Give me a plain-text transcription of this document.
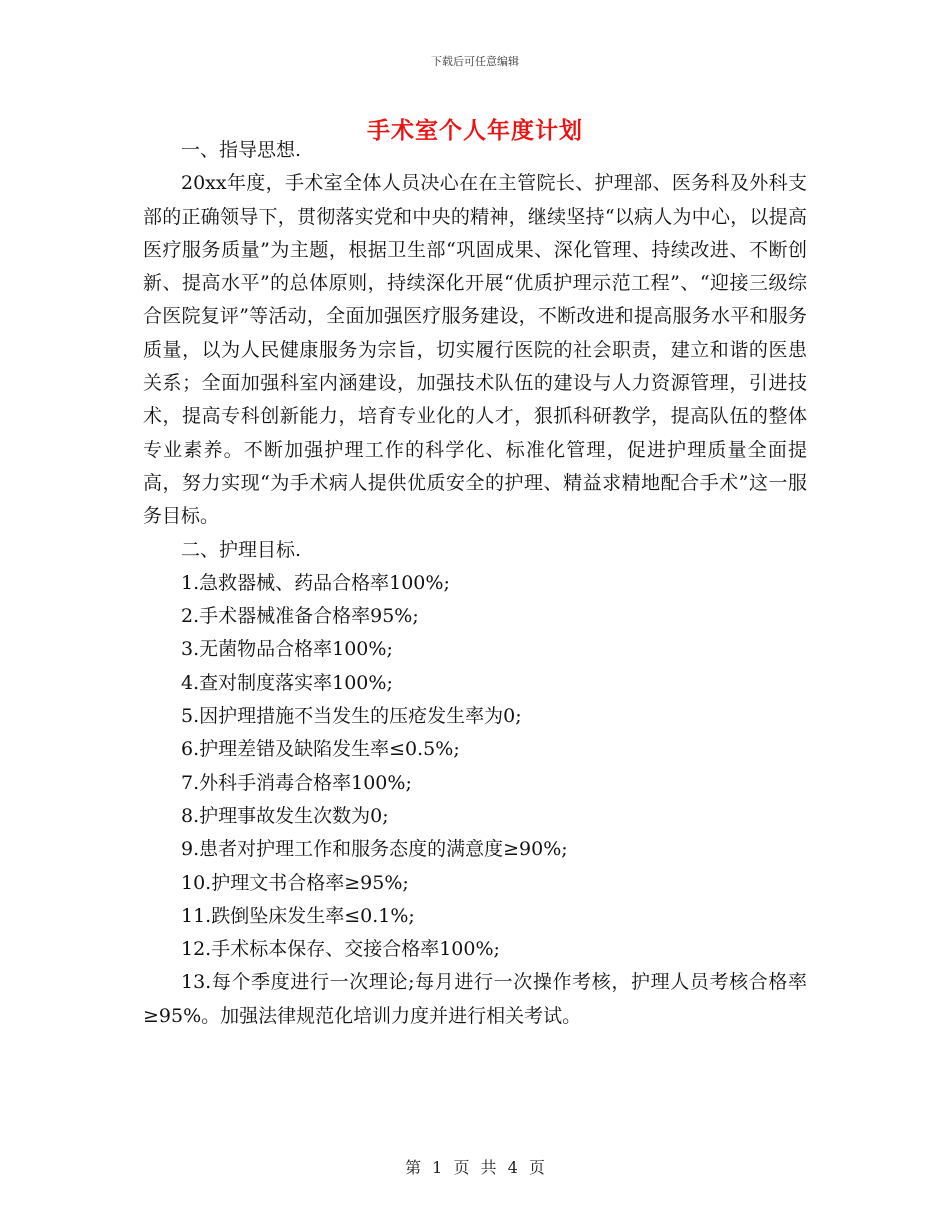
下载后可任意编辑
手术室个人年度计划

一、指导思想.

20xx年度，手术室全体人员决心在在主管院长、护理部、医务科及外科支部的正确领导下，贯彻落实党和中央的精神，继续坚持“以病人为中心，以提高医疗服务质量”为主题，根据卫生部“巩固成果、深化管理、持续改进、不断创新、提高水平”的总体原则，持续深化开展“优质护理示范工程”、“迎接三级综合医院复评”等活动，全面加强医疗服务建设，不断改进和提高服务水平和服务质量，以为人民健康服务为宗旨，切实履行医院的社会职责，建立和谐的医患关系；全面加强科室内涵建设，加强技术队伍的建设与人力资源管理，引进技术，提高专科创新能力，培育专业化的人才，狠抓科研教学，提高队伍的整体专业素养。不断加强护理工作的科学化、标准化管理，促进护理质量全面提高，努力实现“为手术病人提供优质安全的护理、精益求精地配合手术”这一服务目标。

二、护理目标.

1.急救器械、药品合格率100%;

2.手术器械准备合格率95%;

3.无菌物品合格率100%;

4.查对制度落实率100%;

5.因护理措施不当发生的压疮发生率为0;

6.护理差错及缺陷发生率≤0.5%;

7.外科手消毒合格率100%;

8.护理事故发生次数为0;

9.患者对护理工作和服务态度的满意度≥90%;

10.护理文书合格率≥95%;

11.跌倒坠床发生率≤0.1%;

12.手术标本保存、交接合格率100%;

13.每个季度进行一次理论;每月进行一次操作考核，护理人员考核合格率≥95%。加强法律规范化培训力度并进行相关考试。

第 1 页 共 4 页
